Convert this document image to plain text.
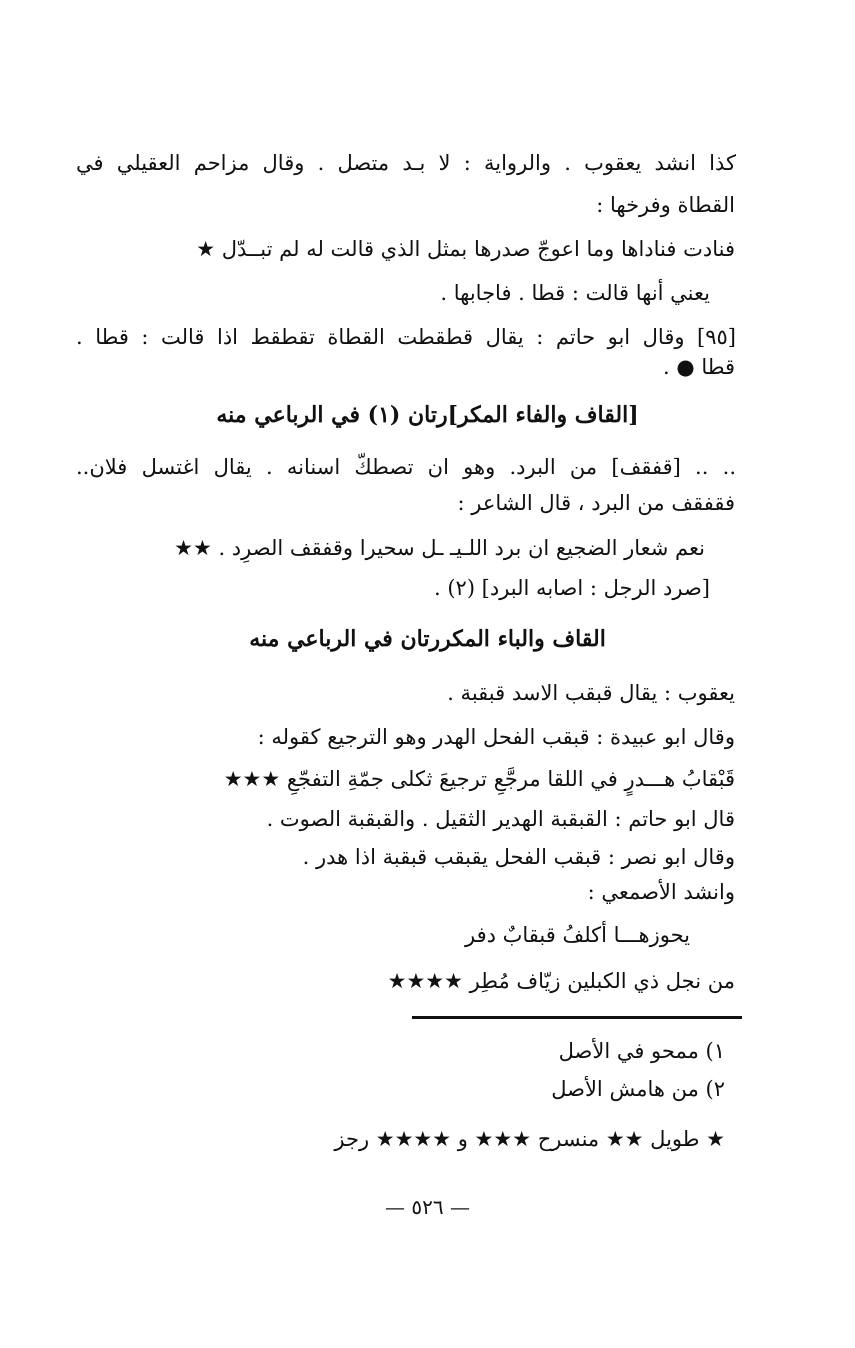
كذا انشد يعقوب . والرواية : لا بـد متصل . وقال مزاحم العقيلي في
القطاة وفرخها :
فنادت فناداها وما اعوجّ صدرها بمثل الذي قالت له لم تبــدّل ★
يعني أنها قالت : قطا . فاجابها .
[٩٥] وقال ابو حاتم : يقال قطقطت القطاة تقطقط اذا قالت : قطا .
قطا ● .
[القاف والفاء المكر]رتان (١) في الرباعي منه
.. .. [قفقف] من البرد. وهو ان تصطكّ اسنانه . يقال اغتسل فلان..
فقفقف من البرد ، قال الشاعر :
نعم شعار الضجيع ان برد اللـيـ ـل سحيرا وقفقف الصرِد . ★★
[صرد الرجل : اصابه البرد] (٢) .
القاف والباء المكررتان في الرباعي منه
يعقوب : يقال قبقب الاسد قبقبة .
وقال ابو عبيدة : قبقب الفحل الهدر وهو الترجيع كقوله :
قَبْقابُ هـــدرٍ في اللقا مرجَّعِ ترجيعَ ثكلى جمّةِ التفجّعِ ★★★
قال ابو حاتم : القبقبة الهدير الثقيل . والقبقبة الصوت .
وقال ابو نصر : قبقب الفحل يقبقب قبقبة اذا هدر .
وانشد الأصمعي :
يحوزهـــا أكلفُ قبقابٌ دفر
من نجل ذي الكبلين زيّاف مُطِر ★★★★
١) ممحو في الأصل
٢) من هامش الأصل
★ طويل ★★ منسرح ★★★ و ★★★★ رجز
— ٥٢٦ —
